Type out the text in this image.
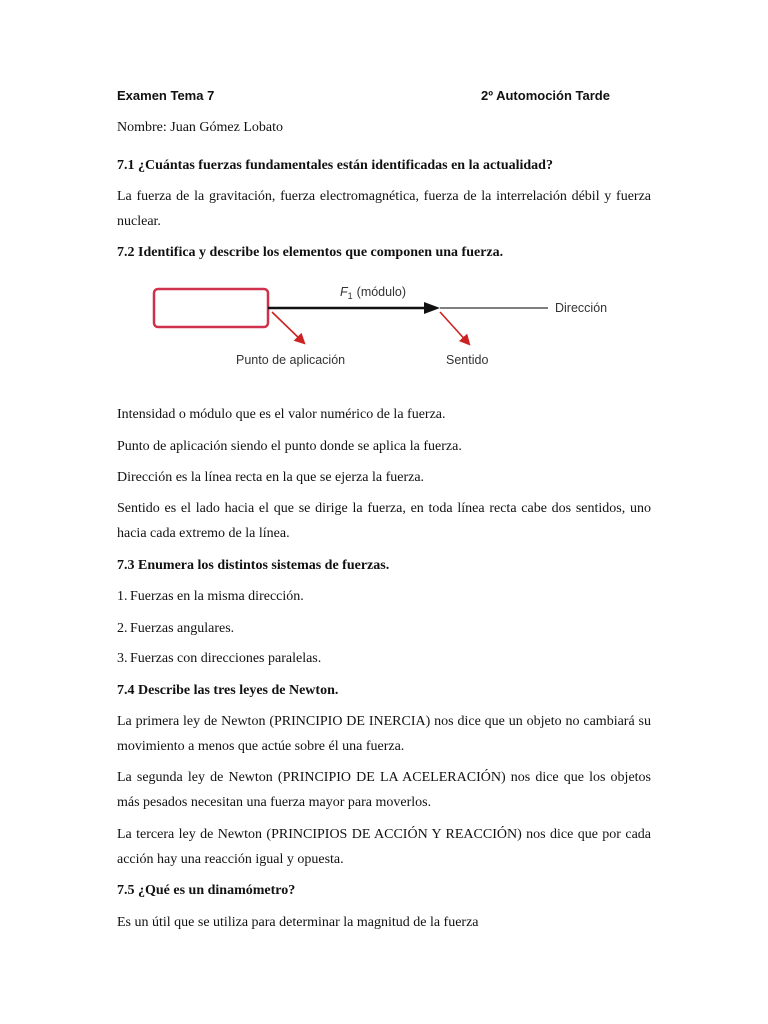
Examen Tema 7	2º Automoción Tarde

Nombre: Juan Gómez Lobato

7.1 ¿Cuántas fuerzas fundamentales están identificadas en la actualidad?

La fuerza de la gravitación, fuerza electromagnética, fuerza de la interrelación débil y fuerza nuclear.

7.2 Identifica y describe los elementos que componen una fuerza.

$F_1$ (módulo)
Dirección
Punto de aplicación	Sentido

Intensidad o módulo que es el valor numérico de la fuerza.

Punto de aplicación siendo el punto donde se aplica la fuerza.

Dirección es la línea recta en la que se ejerza la fuerza.

Sentido es el lado hacia el que se dirige la fuerza, en toda línea recta cabe dos sentidos, uno hacia cada extremo de la línea.

7.3 Enumera los distintos sistemas de fuerzas.

1. Fuerzas en la misma dirección.
2. Fuerzas angulares.
3. Fuerzas con direcciones paralelas.

7.4 Describe las tres leyes de Newton.

La primera ley de Newton (PRINCIPIO DE INERCIA) nos dice que un objeto no cambiará su movimiento a menos que actúe sobre él una fuerza.

La segunda ley de Newton (PRINCIPIO DE LA ACELERACIÓN) nos dice que los objetos más pesados necesitan una fuerza mayor para moverlos.

La tercera ley de Newton (PRINCIPIOS DE ACCIÓN Y REACCIÓN) nos dice que por cada acción hay una reacción igual y opuesta.

7.5 ¿Qué es un dinamómetro?

Es un útil que se utiliza para determinar la magnitud de la fuerza
